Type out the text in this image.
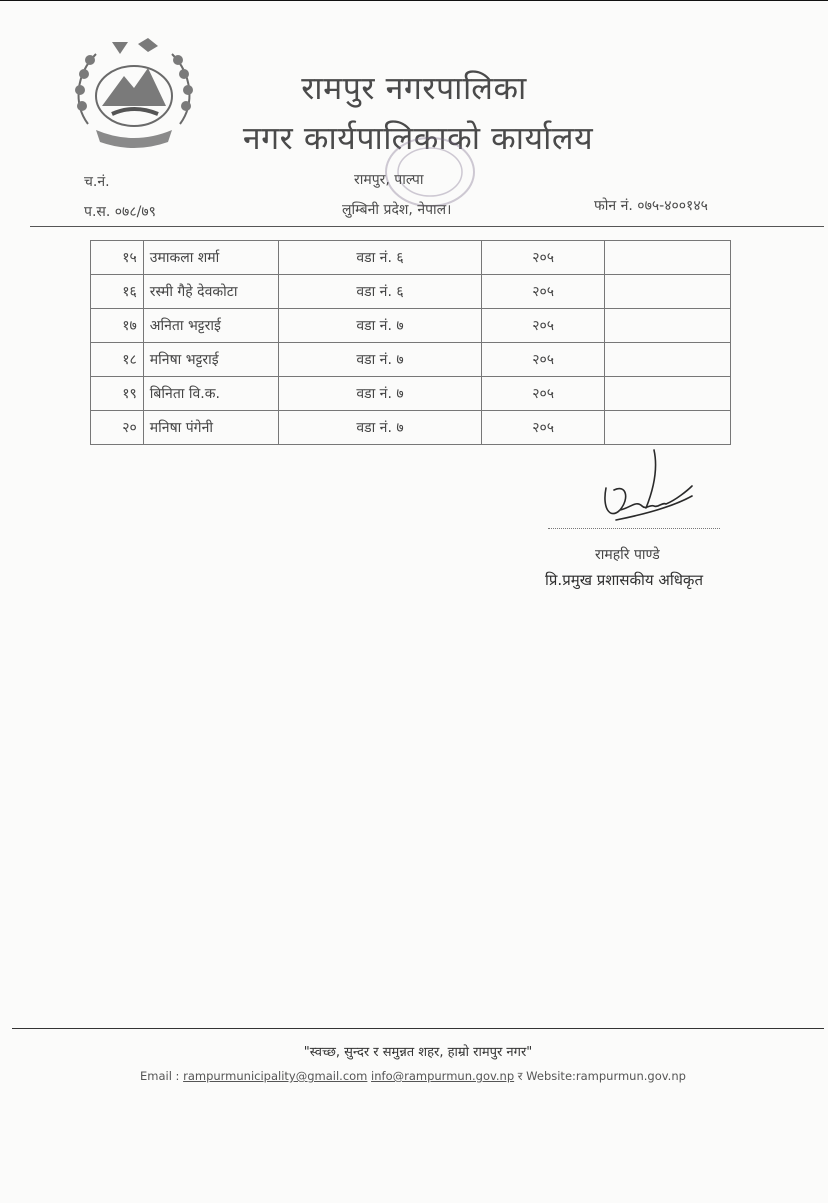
रामपुर नगरपालिका
नगर कार्यपालिकाको कार्यालय
च.नं.
प.स. ०७८/७९
रामपुर, पाल्पा
लुम्बिनी प्रदेश, नेपाल।	फोन नं. ०७५-४००१४५
१५	उमाकला शर्मा	वडा नं. ६	२०५	
१६	रस्मी गैहे देवकोटा	वडा नं. ६	२०५	
१७	अनिता भट्टराई	वडा नं. ७	२०५	
१८	मनिषा भट्टराई	वडा नं. ७	२०५	
१९	बिनिता वि.क.	वडा नं. ७	२०५	
२०	मनिषा पंगेनी	वडा नं. ७	२०५	
रामहरि पाण्डे
प्रि.प्रमुख प्रशासकीय अधिकृत
"स्वच्छ, सुन्दर र समुन्नत शहर, हाम्रो रामपुर नगर"
Email : rampurmunicipality@gmail.com info@rampurmun.gov.np र Website:rampurmun.gov.np
